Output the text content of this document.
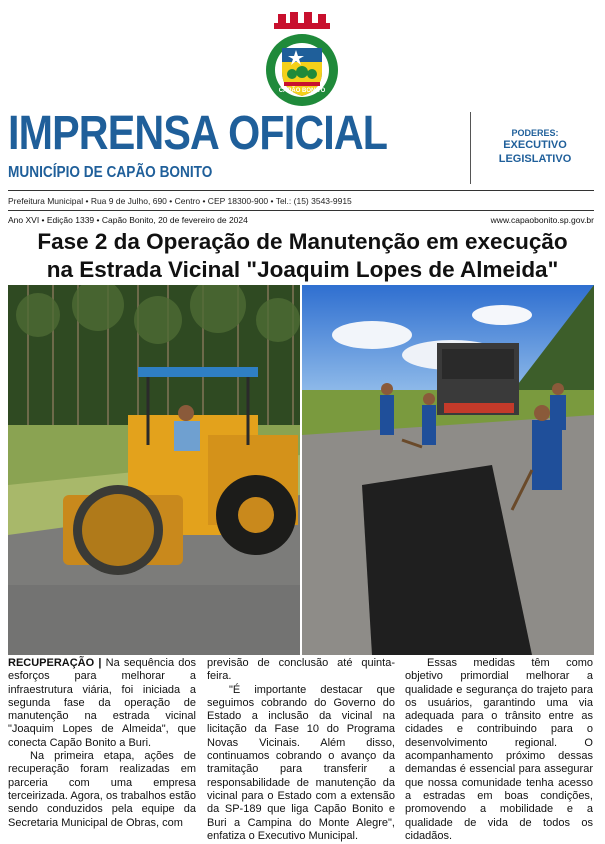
CAPÃO BONITO
IMPRENSA OFICIAL
MUNICÍPIO DE CAPÃO BONITO
PODERES:
EXECUTIVO
LEGISLATIVO
Prefeitura Municipal • Rua 9 de Julho, 690 • Centro • CEP 18300-900 • Tel.: (15) 3543-9915
Ano XVI • Edição 1339 • Capão Bonito, 20 de fevereiro de 2024	www.capaobonito.sp.gov.br
Fase 2 da Operação de Manutenção em execução
na Estrada Vicinal "Joaquim Lopes de Almeida"

RECUPERAÇÃO | Na sequência dos esforços para melhorar a infraestrutura viária, foi iniciada a segunda fase da operação de manutenção na estrada vicinal "Joaquim Lopes de Almeida", que conecta Capão Bonito a Buri.

Na primeira etapa, ações de recuperação foram realizadas em parceria com uma empresa terceirizada. Agora, os trabalhos estão sendo conduzidos pela equipe da Secretaria Municipal de Obras, com

previsão de conclusão até quinta-feira.

"É importante destacar que seguimos cobrando do Governo do Estado a inclusão da vicinal na licitação da Fase 10 do Programa Novas Vicinais. Além disso, continuamos cobrando o avanço da tramitação para transferir a responsabilidade de manutenção da vicinal para o Estado com a extensão da SP-189 que liga Capão Bonito e Buri a Campina do Monte Alegre", enfatiza o Executivo Municipal.

Essas medidas têm como objetivo primordial melhorar a qualidade e segurança do trajeto para os usuários, garantindo uma via adequada para o trânsito entre as cidades e contribuindo para o desenvolvimento regional. O acompanhamento próximo dessas demandas é essencial para assegurar que nossa comunidade tenha acesso a estradas em boas condições, promovendo a mobilidade e a qualidade de vida de todos os cidadãos.
